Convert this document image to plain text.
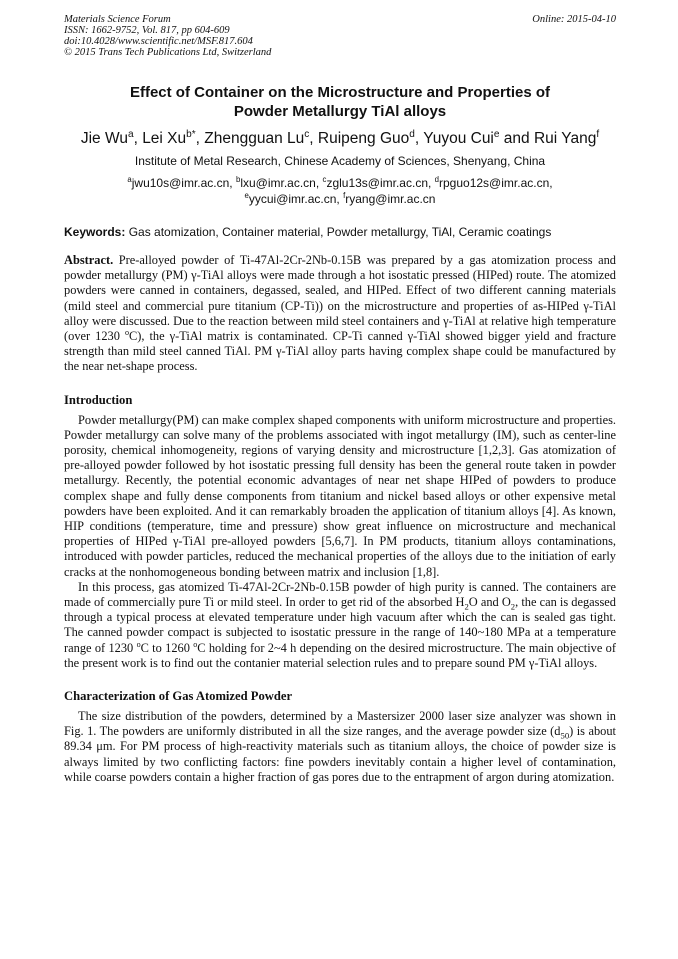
Materials Science Forum
ISSN: 1662-9752, Vol. 817, pp 604-609
doi:10.4028/www.scientific.net/MSF.817.604
© 2015 Trans Tech Publications Ltd, Switzerland
Online: 2015-04-10
Effect of Container on the Microstructure and Properties of
Powder Metallurgy TiAl alloys
Jie Wu$^a$, Lei $Xu^{b*}$, Zhengguan Lu$^c$, Ruipeng Guo$^d$, Yuyou Cui$^e$ and Rui Yang$^f$
Institute of Metal Research, Chinese Academy of Sciences, Shenyang, China
$^a$jwu10s@imr.ac.cn, $^b$lxu@imr.ac.cn, $^c$zglu13s@imr.ac.cn, $^d$rpguo12s@imr.ac.cn,
$^e$yycui@imr.ac.cn, $^f$ryang@imr.ac.cn
Keywords: Gas atomization, Container material, Powder metallurgy, TiAl, Ceramic coatings
Abstract. Pre-alloyed powder of Ti-47Al-2Cr-2Nb-0.15B was prepared by a gas atomization process and powder metallurgy (PM) γ-TiAl alloys were made through a hot isostatic pressed (HIPed) route. The atomized powders were canned in containers, degassed, sealed, and HIPed. Effect of two different canning materials (mild steel and commercial pure titanium (CP-Ti)) on the microstructure and properties of as-HIPed γ-TiAl alloy were discussed. Due to the reaction between mild steel containers and γ-TiAl at relative high temperature (over 1230 $^o$C), the γ-TiAl matrix is contaminated. CP-Ti canned γ-TiAl showed bigger yield and fracture strength than mild steel canned TiAl. PM γ-TiAl alloy parts having complex shape could be manufactured by the near net-shape process.
Introduction

Powder metallurgy(PM) can make complex shaped components with uniform microstructure and properties. Powder metallurgy can solve many of the problems associated with ingot metallurgy (IM), such as center-line porosity, chemical inhomogeneity, regions of varying density and microstructure [1,2,3]. Gas atomization of pre-alloyed powder followed by hot isostatic pressing full density has been the general route taken in powder metallurgy. Recently, the potential economic advantages of near net shape HIPed of powders to produce complex shape and fully dense components from titanium and nickel based alloys or other expensive metal powders have been exploited. And it can remarkably broaden the application of titanium alloys [4]. As known, HIP conditions (temperature, time and pressure) show great influence on microstructure and mechanical properties of HIPed γ-TiAl pre-alloyed powders [5,6,7]. In PM products, titanium alloys contaminations, introduced with powder particles, reduced the mechanical properties of the alloys due to the initiation of early cracks at the nonhomogeneous bonding between matrix and inclusion [1,8].

In this process, gas atomized Ti-47Al-2Cr-2Nb-0.15B powder of high purity is canned. The containers are made of commercially pure Ti or mild steel. In order to get rid of the absorbed $H_2O$ and $O_2$, the can is degassed through a typical process at elevated temperature under high vacuum after which the can is sealed gas tight. The canned powder compact is subjected to isostatic pressure in the range of 140~180 MPa at a temperature range of 1230 $^o$C to 1260 $^o$C holding for 2~4 h depending on the desired microstructure. The main objective of the present work is to find out the contanier material selection rules and to prepare sound PM γ-TiAl alloys.

Characterization of Gas Atomized Powder

The size distribution of the powders, determined by a Mastersizer 2000 laser size analyzer was shown in Fig. 1. The powders are uniformly distributed in all the size ranges, and the average powder size $(d_{50})$ is about 89.34 μm. For PM process of high-reactivity materials such as titanium alloys, the choice of powder size is always limited by two conflicting factors: fine powders inevitably contain a higher level of contamination, while coarse powders contain a higher fraction of gas pores due to the entrapment of argon during atomization.
